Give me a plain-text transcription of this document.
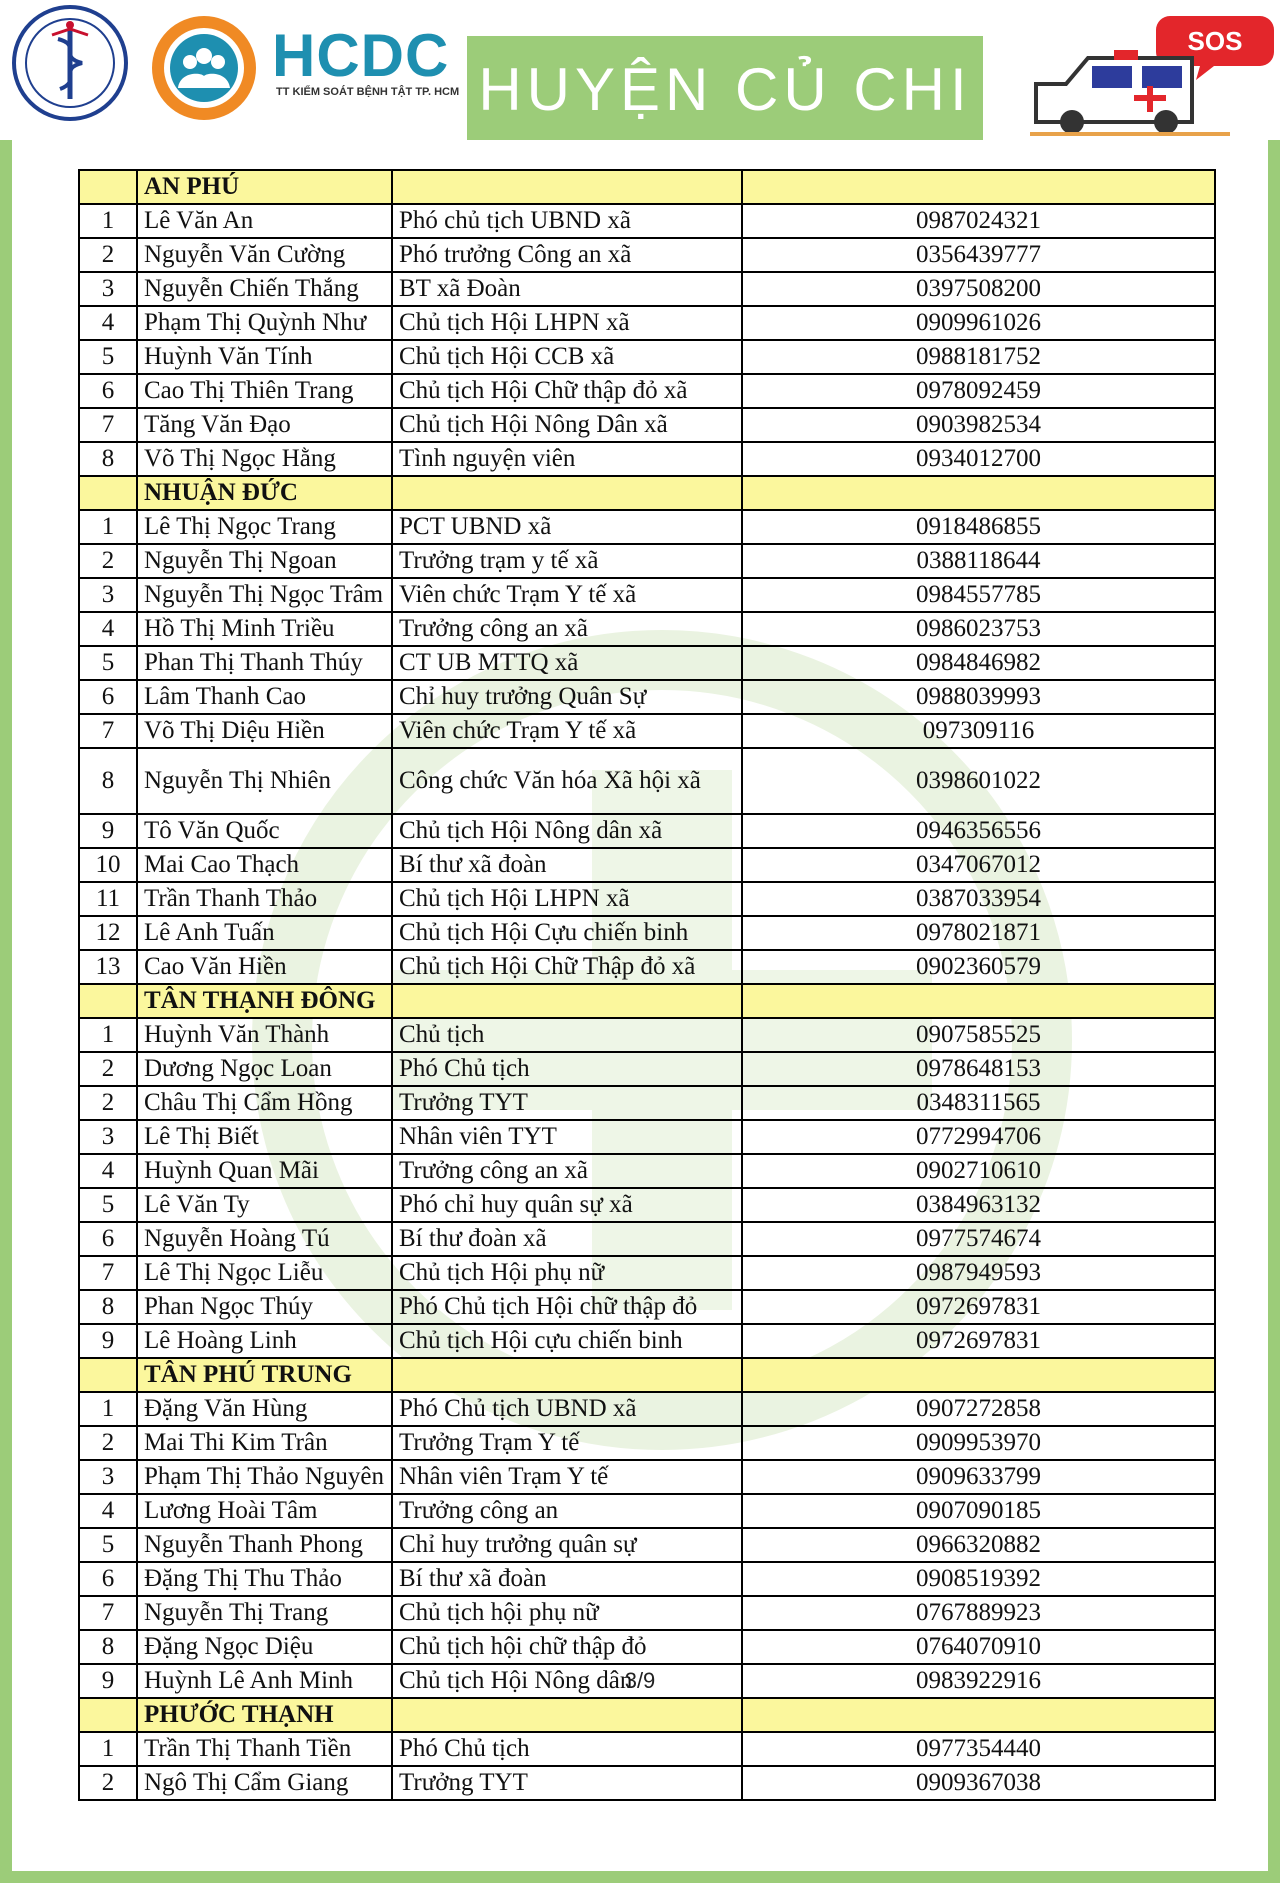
HCDC
TT KIỂM SOÁT BỆNH TẬT TP. HCM HUYỆN CỦ CHI
SOS
	AN PHÚ		
1	Lê Văn An	Phó chủ tịch UBND xã	0987024321
2	Nguyễn Văn Cường	Phó trưởng Công an xã	0356439777
3	Nguyễn Chiến Thắng	BT xã Đoàn	0397508200
4	Phạm Thị Quỳnh Như	Chủ tịch Hội LHPN xã	0909961026
5	Huỳnh Văn Tính	Chủ tịch Hội CCB xã	0988181752
6	Cao Thị Thiên Trang	Chủ tịch Hội Chữ thập đỏ xã	0978092459
7	Tăng Văn Đạo	Chủ tịch Hội Nông Dân xã	0903982534
8	Võ Thị Ngọc Hằng	Tình nguyện viên	0934012700
	NHUẬN ĐỨC		
1	Lê Thị Ngọc Trang	PCT UBND xã	0918486855
2	Nguyễn Thị Ngoan	Trưởng trạm y tế xã	0388118644
3	Nguyễn Thị Ngọc Trâm	Viên chức Trạm Y tế xã	0984557785
4	Hồ Thị Minh Triều	Trưởng công an xã	0986023753
5	Phan Thị Thanh Thúy	CT UB MTTQ xã	0984846982
6	Lâm Thanh Cao	Chỉ huy trưởng Quân Sự	0988039993
7	Võ Thị Diệu Hiền	Viên chức Trạm Y tế xã	097309116
8	Nguyễn Thị Nhiên	Công chức Văn hóa Xã hội xã	0398601022
9	Tô Văn Quốc	Chủ tịch Hội Nông dân xã	0946356556
10	Mai Cao Thạch	Bí thư xã đoàn	0347067012
11	Trần Thanh Thảo	Chủ tịch Hội LHPN xã	0387033954
12	Lê Anh Tuấn	Chủ tịch Hội Cựu chiến binh	0978021871
13	Cao Văn Hiền	Chủ tịch Hội Chữ Thập đỏ xã	0902360579
	TÂN THẠNH ĐÔNG		
1	Huỳnh Văn Thành	Chủ tịch	0907585525
2	Dương Ngọc Loan	Phó Chủ tịch	0978648153
2	Châu Thị Cẩm Hồng	Trưởng TYT	0348311565
3	Lê Thị Biết	Nhân viên TYT	0772994706
4	Huỳnh Quan Mãi	Trưởng công an xã	0902710610
5	Lê Văn Ty	Phó chỉ huy quân sự xã	0384963132
6	Nguyễn Hoàng Tú	Bí thư đoàn xã	0977574674
7	Lê Thị Ngọc Liễu	Chủ tịch Hội phụ nữ	0987949593
8	Phan Ngọc Thúy	Phó Chủ tịch Hội chữ thập đỏ	0972697831
9	Lê Hoàng Linh	Chủ tịch Hội cựu chiến binh	0972697831
	TÂN PHÚ TRUNG		
1	Đặng Văn Hùng	Phó Chủ tịch UBND xã	0907272858
2	Mai Thi Kim Trân	Trưởng Trạm Y tế	0909953970
3	Phạm Thị Thảo Nguyên	Nhân viên Trạm Y tế	0909633799
4	Lương Hoài Tâm	Trưởng công an	0907090185
5	Nguyễn Thanh Phong	Chỉ huy trưởng quân sự	0966320882
6	Đặng Thị Thu Thảo	Bí thư xã đoàn	0908519392
7	Nguyễn Thị Trang	Chủ tịch hội phụ nữ	0767889923
8	Đặng Ngọc Diệu	Chủ tịch hội chữ thập đỏ	0764070910
9	Huỳnh Lê Anh Minh	Chủ tịch Hội Nông dân	0983922916
	PHƯỚC THẠNH		
1	Trần Thị Thanh Tiền	Phó Chủ tịch	0977354440
2	Ngô Thị Cẩm Giang	Trưởng TYT	0909367038
3/9
